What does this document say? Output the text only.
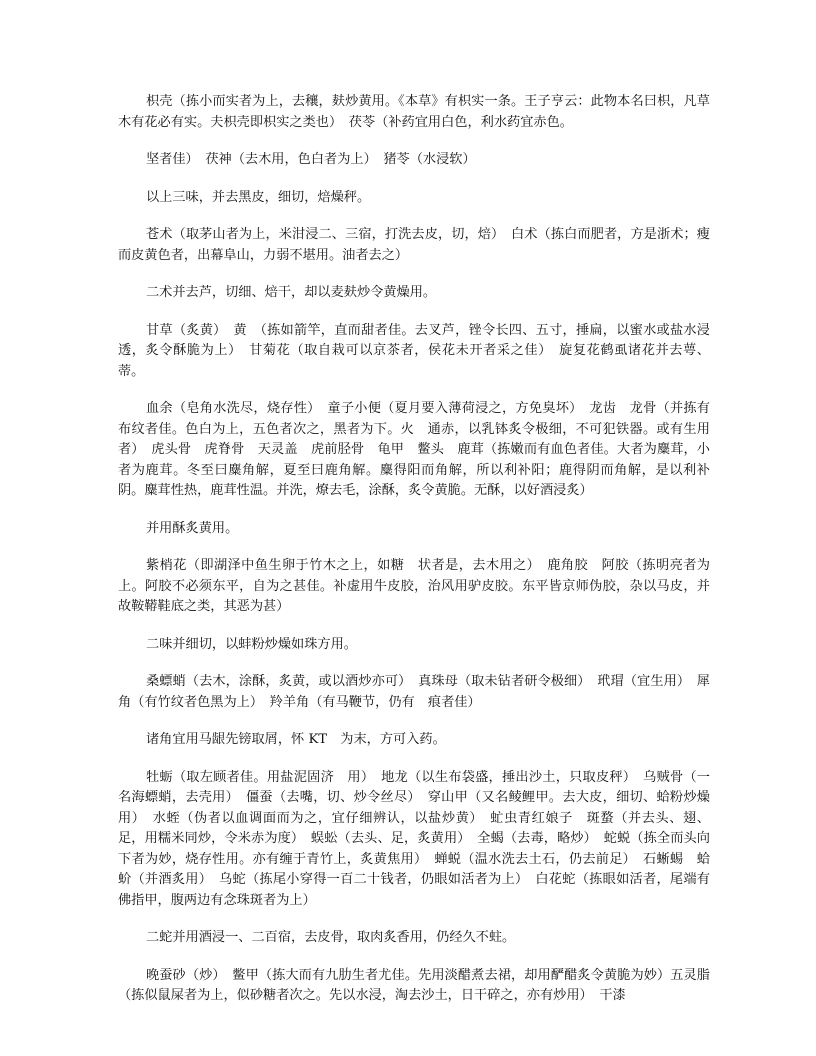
枳壳（拣小而实者为上，去穰，麸炒黄用。《本草》有枳实一条。王子亨云：此物本名曰枳，凡草木有花必有实。夫枳壳即枳实之类也）　茯苓（补药宜用白色，利水药宜赤色。

坚者佳）　茯神（去木用，色白者为上）　猪苓（水浸软）

以上三味，并去黑皮，细切，焙燥秤。

苍术（取茅山者为上，米泔浸二、三宿，打洗去皮，切，焙）　白术（拣白而肥者，方是浙术；瘦而皮黄色者，出幕阜山，力弱不堪用。油者去之）

二术并去芦，切细、焙干，却以麦麸炒令黄燥用。

甘草（炙黄）　黄　（拣如箭竿，直而甜者佳。去叉芦，锉令长四、五寸，捶扁，以蜜水或盐水浸透，炙令酥脆为上）　甘菊花（取自栽可以京茶者，侯花未开者采之佳）　旋复花鹤虱诸花并去萼、蒂。

血余（皂角水洗尽，烧存性）　童子小便（夏月要入薄荷浸之，方免臭坏）　龙齿　龙骨（并拣有布纹者佳。色白为上，五色者次之，黑者为下。火　通赤，以乳钵炙令极细，不可犯铁器。或有生用者）　虎头骨　虎脊骨　天灵盖　虎前胫骨　龟甲　鳖头　鹿茸（拣嫩而有血色者佳。大者为麋茸，小者为鹿茸。冬至曰麋角解，夏至曰鹿角解。麋得阳而角解，所以利补阳；鹿得阴而角解，是以利补阴。麋茸性热，鹿茸性温。并洗，燎去毛，涂酥，炙令黄脆。无酥，以好酒浸炙）

并用酥炙黄用。

紫梢花（即湖泽中鱼生卵于竹木之上，如糖　状者是，去木用之）　鹿角胶　阿胶（拣明亮者为上。阿胶不必须东平，自为之甚佳。补虚用牛皮胶，治风用驴皮胶。东平皆京师伪胶，杂以马皮，并故鞍鞯鞋底之类，其恶为甚）

二味并细切，以蚌粉炒燥如珠方用。

桑螵蛸（去木，涂酥，炙黄，或以酒炒亦可）　真珠母（取未钻者研令极细）　玳瑁（宜生用）　犀角（有竹纹者色黑为上）　羚羊角（有马鞭节，仍有　痕者佳）

诸角宜用马龈先镑取屑，怀 KT　为末，方可入药。

牡蛎（取左顾者佳。用盐泥固济　用）　地龙（以生布袋盛，捶出沙土，只取皮秤）　乌贼骨（一名海螵蛸，去壳用）　僵蚕（去嘴，切、炒令丝尽）　穿山甲（又名鲮鲤甲。去大皮，细切、蛤粉炒燥用）　水蛭（伪者以血调面而为之，宜仔细辨认，以盐炒黄）　虻虫青红娘子　斑蝥（并去头、翅、足，用糯米同炒，令米赤为度）　蜈蚣（去头、足，炙黄用）　全蝎（去毒，略炒）　蛇蜕（拣全而头向下者为妙，烧存性用。亦有缠于青竹上，炙黄焦用）　蝉蜕（温水洗去土石，仍去前足）　石蜥蜴　蛤蚧（并酒炙用）　乌蛇（拣尾小穿得一百二十钱者，仍眼如活者为上）　白花蛇（拣眼如活者，尾端有佛指甲，腹两边有念珠斑者为上）

二蛇并用酒浸一、二百宿，去皮骨，取肉炙香用，仍经久不蛀。

晚蚕砂（炒）　鳖甲（拣大而有九肋生者尤佳。先用淡醋煮去裙，却用酽醋炙令黄脆为妙）五灵脂（拣似鼠屎者为上，似砂糖者次之。先以水浸，淘去沙土，日干碎之，亦有炒用）　干漆
